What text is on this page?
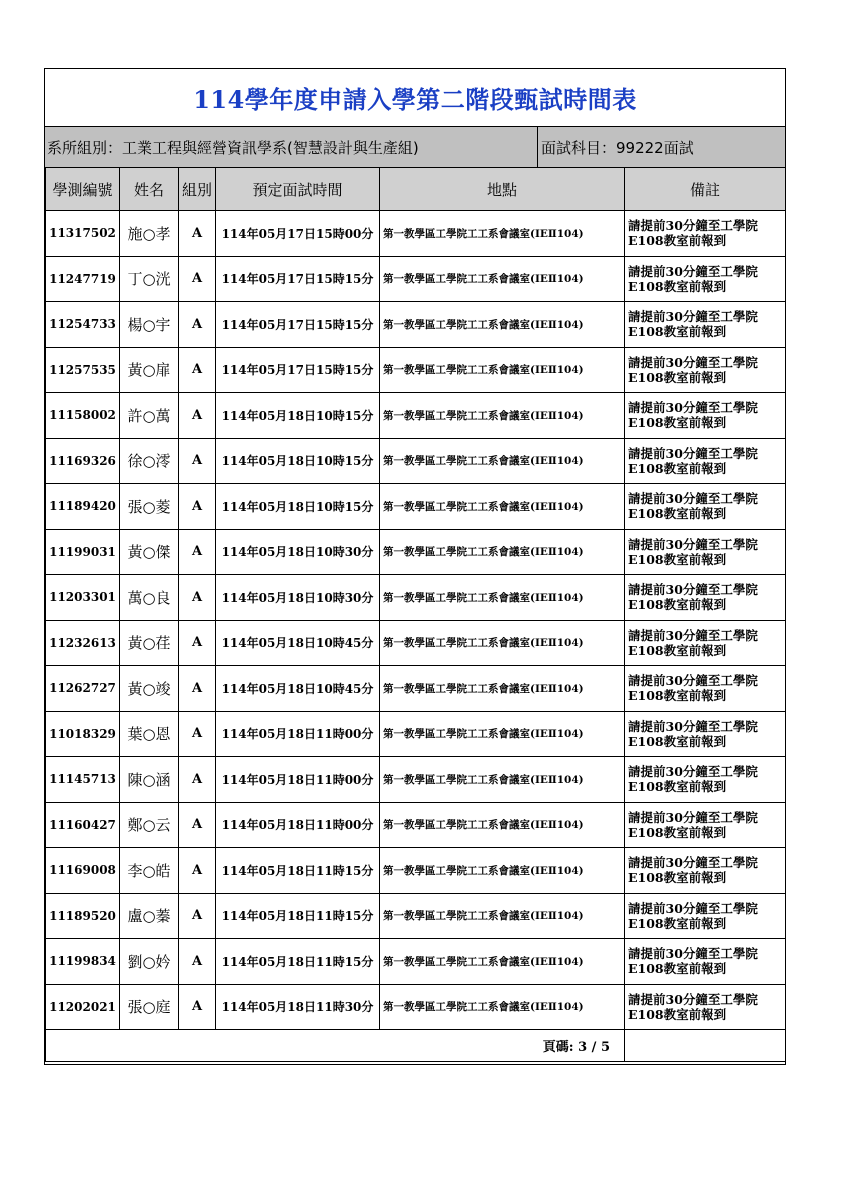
114學年度申請入學第二階段甄試時間表
系所組別：工業工程與經營資訊學系(智慧設計與生產組)	面試科目：99222面試
學測編號	姓名	組別	預定面試時間	地點	備註
11317502	施○孝	A	114年05月17日15時00分	第一教學區工學院工工系會議室(IEⅡ104)	請提前30分鐘至工學院
E108教室前報到

11247719	丁○洸	A	114年05月17日15時15分	第一教學區工學院工工系會議室(IEⅡ104)	請提前30分鐘至工學院
E108教室前報到

11254733	楊○宇	A	114年05月17日15時15分	第一教學區工學院工工系會議室(IEⅡ104)	請提前30分鐘至工學院
E108教室前報到

11257535	黃○扉	A	114年05月17日15時15分	第一教學區工學院工工系會議室(IEⅡ104)	請提前30分鐘至工學院
E108教室前報到

11158002	許○萬	A	114年05月18日10時15分	第一教學區工學院工工系會議室(IEⅡ104)	請提前30分鐘至工學院
E108教室前報到

11169326	徐○澪	A	114年05月18日10時15分	第一教學區工學院工工系會議室(IEⅡ104)	請提前30分鐘至工學院
E108教室前報到

11189420	張○菱	A	114年05月18日10時15分	第一教學區工學院工工系會議室(IEⅡ104)	請提前30分鐘至工學院
E108教室前報到

11199031	黃○傑	A	114年05月18日10時30分	第一教學區工學院工工系會議室(IEⅡ104)	請提前30分鐘至工學院
E108教室前報到

11203301	萬○良	A	114年05月18日10時30分	第一教學區工學院工工系會議室(IEⅡ104)	請提前30分鐘至工學院
E108教室前報到

11232613	黃○荏	A	114年05月18日10時45分	第一教學區工學院工工系會議室(IEⅡ104)	請提前30分鐘至工學院
E108教室前報到

11262727	黃○竣	A	114年05月18日10時45分	第一教學區工學院工工系會議室(IEⅡ104)	請提前30分鐘至工學院
E108教室前報到

11018329	葉○恩	A	114年05月18日11時00分	第一教學區工學院工工系會議室(IEⅡ104)	請提前30分鐘至工學院
E108教室前報到

11145713	陳○涵	A	114年05月18日11時00分	第一教學區工學院工工系會議室(IEⅡ104)	請提前30分鐘至工學院
E108教室前報到

11160427	鄭○云	A	114年05月18日11時00分	第一教學區工學院工工系會議室(IEⅡ104)	請提前30分鐘至工學院
E108教室前報到

11169008	李○皓	A	114年05月18日11時15分	第一教學區工學院工工系會議室(IEⅡ104)	請提前30分鐘至工學院
E108教室前報到

11189520	盧○蓁	A	114年05月18日11時15分	第一教學區工學院工工系會議室(IEⅡ104)	請提前30分鐘至工學院
E108教室前報到

11199834	劉○妗	A	114年05月18日11時15分	第一教學區工學院工工系會議室(IEⅡ104)	請提前30分鐘至工學院
E108教室前報到

11202021	張○庭	A	114年05月18日11時30分	第一教學區工學院工工系會議室(IEⅡ104)	請提前30分鐘至工學院
E108教室前報到

頁碼: 3 / 5					
